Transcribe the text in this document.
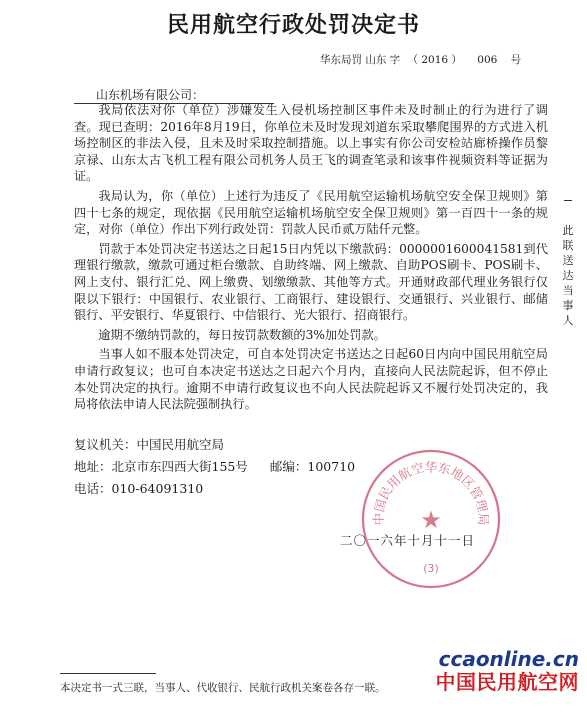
民用航空行政处罚决定书
华东局罚 山东 字 （ 2016 ） 006 号
山东机场有限公司：

我局依法对你（单位）涉嫌发生入侵机场控制区事件未及时制止的行为进行了调查。现已查明：2016年8月19日，你单位未及时发现刘道东采取攀爬围界的方式进入机场控制区的非法入侵，且未及时采取控制措施。以上事实有你公司安检站廊桥操作员黎京禄、山东太古飞机工程有限公司机务人员王飞的调查笔录和该事件视频资料等证据为证。

我局认为，你（单位）上述行为违反了《民用航空运输机场航空安全保卫规则》第四十七条的规定，现依据《民用航空运输机场航空安全保卫规则》第一百四十一条的规定，对你（单位）作出下列行政处罚：罚款人民币贰万陆仟元整。

罚款于本处罚决定书送达之日起15日内凭以下缴款码：0000001600041581到代理银行缴款，缴款可通过柜台缴款、自助终端、网上缴款、自助POS刷卡、POS刷卡、网上支付、银行汇兑、网上缴费、划缴缴款、其他等方式。开通财政部代理业务银行仅限以下银行：中国银行、农业银行、工商银行、建设银行、交通银行、兴业银行、邮储银行、平安银行、华夏银行、中信银行、光大银行、招商银行。

逾期不缴纳罚款的，每日按罚款数额的3%加处罚款。

当事人如不服本处罚决定，可自本处罚决定书送达之日起60日内向中国民用航空局申请行政复议；也可自本决定书送达之日起六个月内，直接向人民法院起诉，但不停止本处罚决定的执行。逾期不申请行政复议也不向人民法院起诉又不履行处罚决定的，我局将依法申请人民法院强制执行。

此联送达当事人
复议机关：中国民用航空局
地址：北京市东四西大街155号 邮编：100710
电话：010-64091310
中国民用航空华东地区管理局
★
(3)
二〇一六年十月十一日
本决定书一式三联，当事人、代收银行、民航行政机关案卷各存一联。
ccaonline.cn
中国民用航空网
